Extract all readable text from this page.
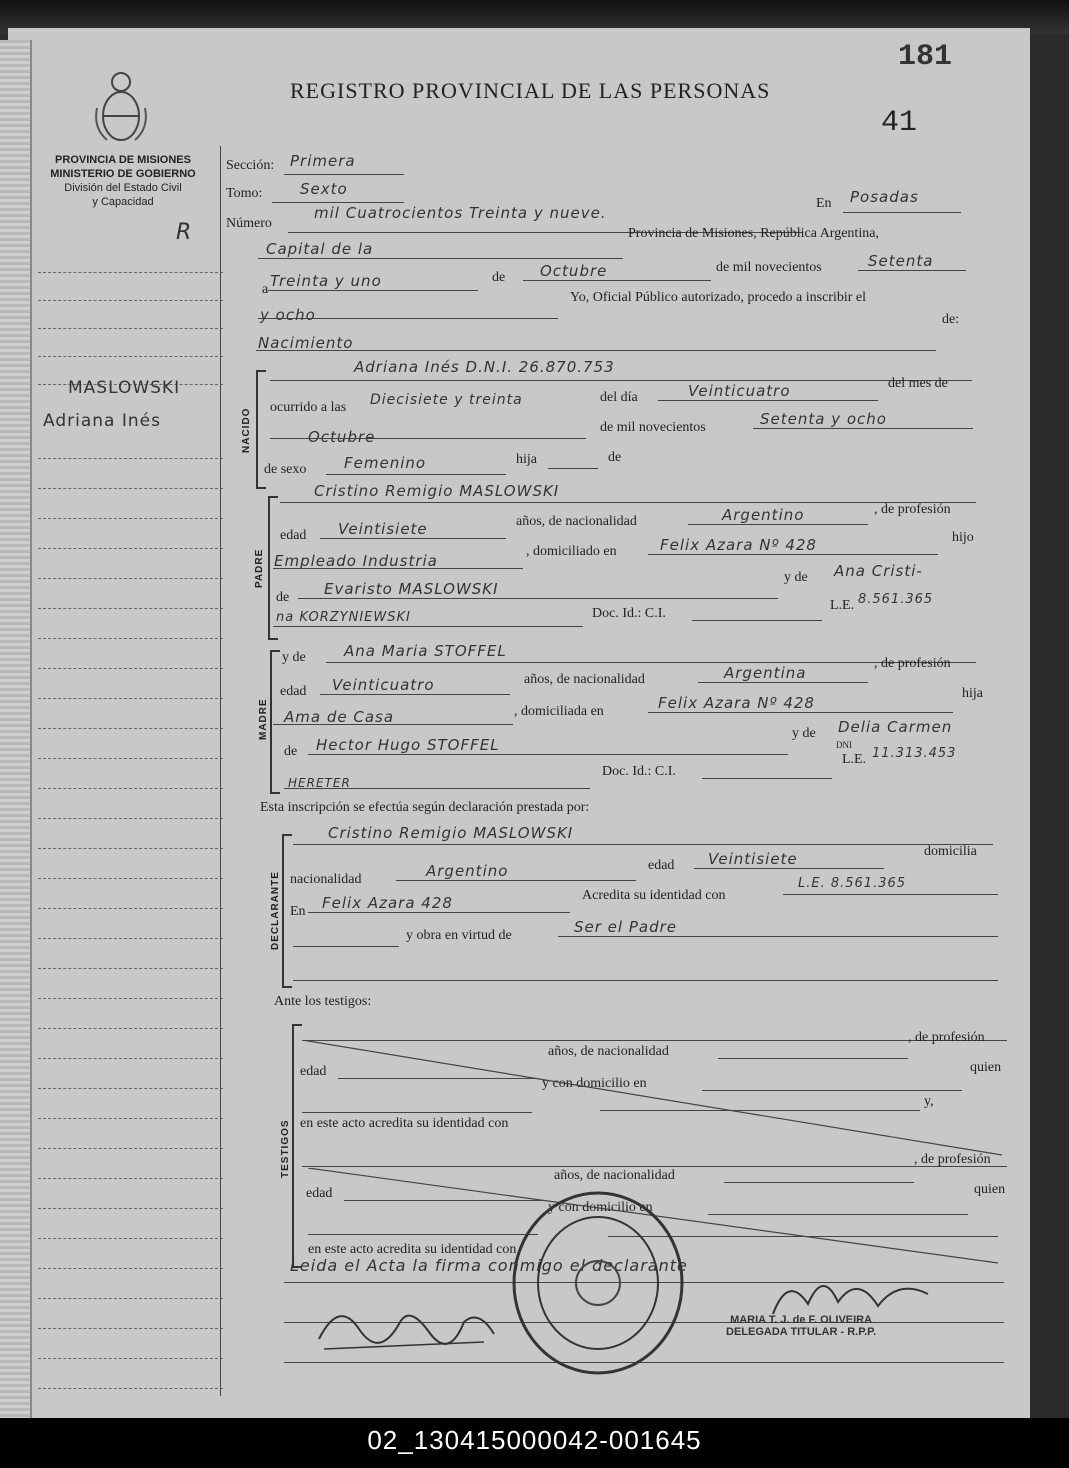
181
PROVINCIA DE MISIONES
MINISTERIO DE GOBIERNO
División del Estado Civil
y Capacidad
R
REGISTRO PROVINCIAL DE LAS PERSONAS
41
MASLOWSKI
Adriana Inés
Sección: Primera
Tomo:	Sexto
Número
mil Cuatrocientos Treinta y nueve.
En Posadas
Capital de la
Provincia de Misiones, República Argentina,
a Treinta y uno	de Octubre	de mil novecientos	Setenta
y ocho
Yo, Oficial Público autorizado, procedo a inscribir el
Nacimiento
de:
NACIDO
Adriana Inés D.N.I. 26.870.753
ocurrido a las Diecisiete y treinta	del día	Veinticuatro	del mes de
Octubre
de mil novecientos	Setenta y ocho
de sexo	Femenino	hija	de
PADRE
Cristino Remigio MASLOWSKI
edad Veintisiete	años, de nacionalidad	Argentino	, de profesión
Empleado Industria
, domiciliado en	Felix Azara Nº 428	hijo
de Evaristo MASLOWSKI
y de Ana Cristi-
na KORZYNIEWSKI	Doc. Id.: C.I.
L.E. 8.561.365
MADRE
y de	Ana Maria STOFFEL
edad Veinticuatro	años, de nacionalidad	Argentina
, de profesión
Ama de Casa	, domiciliada en	Felix Azara Nº 428
hija
de Hector Hugo STOFFEL
y de Delia Carmen
HERETER
Doc. Id.: C.I.
DNI
L.E. 11.313.453
Esta inscripción se efectúa según declaración prestada por:
DECLARANTE
Cristino Remigio MASLOWSKI
nacionalidad	Argentino	edad Veintisiete	domicilia
En Felix Azara 428	Acredita su identidad con
L.E. 8.561.365
y obra en virtud de	Ser el Padre
Ante los testigos:
TESTIGOS
edad
años, de nacionalidad
, de profesión
y con domicilio en
quien
en este acto acredita su identidad con
y,
edad
años, de nacionalidad
, de profesión
y con domicilio en
quien
en este acto acredita su identidad con
Leida el Acta la firma conmigo el declarante
MARIA T. J. de F. OLIVEIRA
DELEGADA TITULAR - R.P.P.
02_130415000042-001645
